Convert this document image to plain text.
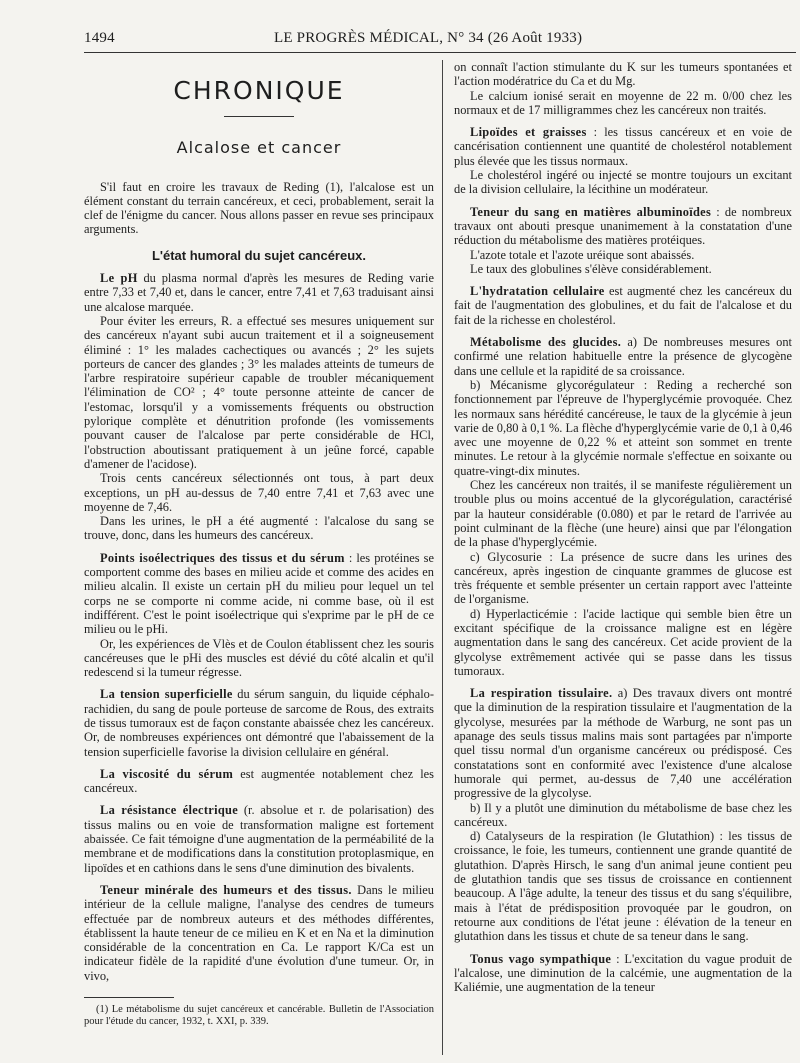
1494	LE PROGRÈS MÉDICAL, N° 34 (26 Août 1933)
CHRONIQUE
Alcalose et cancer

S'il faut en croire les travaux de Reding (1), l'alcalose est un élément constant du terrain cancéreux, et ceci, probablement, serait la clef de l'énigme du cancer. Nous allons passer en revue ses principaux arguments.

L'état humoral du sujet cancéreux.

Le pH du plasma normal d'après les mesures de Reding varie entre 7,33 et 7,40 et, dans le cancer, entre 7,41 et 7,63 traduisant ainsi une alcalose marquée.

Pour éviter les erreurs, R. a effectué ses mesures uniquement sur des cancéreux n'ayant subi aucun traitement et il a soigneusement éliminé : 1° les malades cachectiques ou avancés ; 2° les sujets porteurs de cancer des glandes ; 3° les malades atteints de tumeurs de l'arbre respiratoire supérieur capable de troubler mécaniquement l'élimination de CO² ; 4° toute personne atteinte de cancer de l'estomac, lorsqu'il y a vomissements fréquents ou obstruction pylorique complète et dénutrition profonde (les vomissements pouvant causer de l'alcalose par perte considérable de HCl, l'obstruction aboutissant pratiquement à un jeûne forcé, capable d'amener de l'acidose).

Trois cents cancéreux sélectionnés ont tous, à part deux exceptions, un pH au-dessus de 7,40 entre 7,41 et 7,63 avec une moyenne de 7,46.

Dans les urines, le pH a été augmenté : l'alcalose du sang se trouve, donc, dans les humeurs des cancéreux.

Points isoélectriques des tissus et du sérum : les protéines se comportent comme des bases en milieu acide et comme des acides en milieu alcalin. Il existe un certain pH du milieu pour lequel un tel corps ne se comporte ni comme acide, ni comme base, où il est indifférent. C'est le point isoélectrique qui s'exprime par le pH de ce milieu ou le pHi.

Or, les expériences de Vlès et de Coulon établissent chez les souris cancéreuses que le pHi des muscles est dévié du côté alcalin et qu'il redescend si la tumeur régresse.

La tension superficielle du sérum sanguin, du liquide céphalo-rachidien, du sang de poule porteuse de sarcome de Rous, des extraits de tissus tumoraux est de façon constante abaissée chez les cancéreux. Or, de nombreuses expériences ont démontré que l'abaissement de la tension superficielle favorise la division cellulaire en général.

La viscosité du sérum est augmentée notablement chez les cancéreux.

La résistance électrique (r. absolue et r. de polarisation) des tissus malins ou en voie de transformation maligne est fortement abaissée. Ce fait témoigne d'une augmentation de la perméabilité de la membrane et de modifications dans la constitution protoplasmique, en lipoïdes et en cathions dans le sens d'une diminution des bivalents.

Teneur minérale des humeurs et des tissus. Dans le milieu intérieur de la cellule maligne, l'analyse des cendres de tumeurs effectuée par de nombreux auteurs et des méthodes différentes, établissent la haute teneur de ce milieu en K et en Na et la diminution considérable de la concentration en Ca. Le rapport K/Ca est un indicateur fidèle de la rapidité d'une évolution d'une tumeur. Or, in vivo,

(1) Le métabolisme du sujet cancéreux et cancérable. Bulletin de l'Association pour l'étude du cancer, 1932, t. XXI, p. 339.

on connaît l'action stimulante du K sur les tumeurs spontanées et l'action modératrice du Ca et du Mg.

Le calcium ionisé serait en moyenne de 22 m. 0/00 chez les normaux et de 17 milligrammes chez les cancéreux non traités.

Lipoïdes et graisses : les tissus cancéreux et en voie de cancérisation contiennent une quantité de cholestérol notablement plus élevée que les tissus normaux.

Le cholestérol ingéré ou injecté se montre toujours un excitant de la division cellulaire, la lécithine un modérateur.

Teneur du sang en matières albuminoïdes : de nombreux travaux ont abouti presque unanimement à la constatation d'une réduction du métabolisme des matières protéiques.

L'azote totale et l'azote uréique sont abaissés.

Le taux des globulines s'élève considérablement.

L'hydratation cellulaire est augmenté chez les cancéreux du fait de l'augmentation des globulines, et du fait de l'alcalose et du fait de la richesse en cholestérol.

Métabolisme des glucides. a) De nombreuses mesures ont confirmé une relation habituelle entre la présence de glycogène dans une cellule et la rapidité de sa croissance.

b) Mécanisme glycorégulateur : Reding a recherché son fonctionnement par l'épreuve de l'hyperglycémie provoquée. Chez les normaux sans hérédité cancéreuse, le taux de la glycémie à jeun varie de 0,80 à 0,1 %. La flèche d'hyperglycémie varie de 0,1 à 0,46 avec une moyenne de 0,22 % et atteint son sommet en trente minutes. Le retour à la glycémie normale s'effectue en soixante ou quatre-vingt-dix minutes.

Chez les cancéreux non traités, il se manifeste régulièrement un trouble plus ou moins accentué de la glycorégulation, caractérisé par la hauteur considérable (0.080) et par le retard de l'arrivée au point culminant de la flèche (une heure) ainsi que par l'élongation de la phase d'hyperglycémie.

c) Glycosurie : La présence de sucre dans les urines des cancéreux, après ingestion de cinquante grammes de glucose est très fréquente et semble présenter un certain rapport avec l'atteinte de l'organisme.

d) Hyperlacticémie : l'acide lactique qui semble bien être un excitant spécifique de la croissance maligne est en légère augmentation dans le sang des cancéreux. Cet acide provient de la glycolyse extrêmement activée qui se passe dans les tissus tumoraux.

La respiration tissulaire. a) Des travaux divers ont montré que la diminution de la respiration tissulaire et l'augmentation de la glycolyse, mesurées par la méthode de Warburg, ne sont pas un apanage des seuls tissus malins mais sont partagées par n'importe quel tissu normal d'un organisme cancéreux ou prédisposé. Ces constatations sont en conformité avec l'existence d'une alcalose humorale qui permet, au-dessus de 7,40 une accélération progressive de la glycolyse.

b) Il y a plutôt une diminution du métabolisme de base chez les cancéreux.

d) Catalyseurs de la respiration (le Glutathion) : les tissus de croissance, le foie, les tumeurs, contiennent une grande quantité de glutathion. D'après Hirsch, le sang d'un animal jeune contient peu de glutathion tandis que ses tissus de croissance en contiennent beaucoup. A l'âge adulte, la teneur des tissus et du sang s'équilibre, mais à l'état de prédisposition provoquée par le goudron, on retourne aux conditions de l'état jeune : élévation de la teneur en glutathion dans les tissus et chute de sa teneur dans le sang.

Tonus vago sympathique : L'excitation du vague produit de l'alcalose, une diminution de la calcémie, une augmentation de la Kaliémie, une augmentation de la teneur
